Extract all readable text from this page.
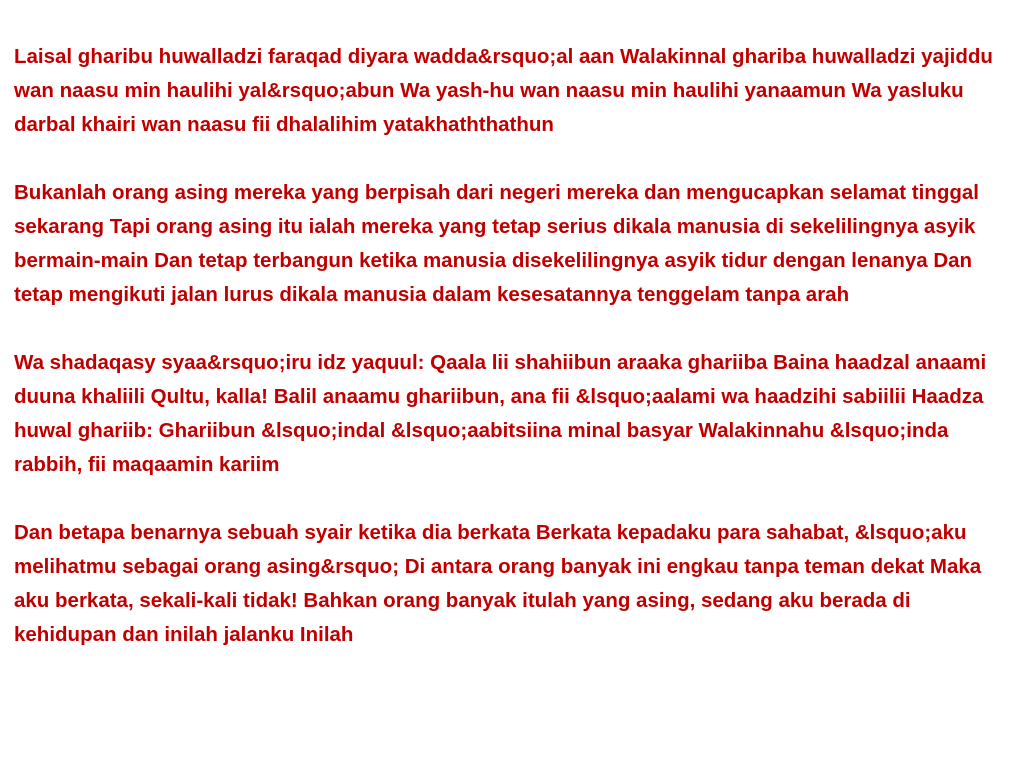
Laisal gharibu huwalladzi faraqad diyara wadda&rsquo;al aan Walakinnal ghariba huwalladzi yajiddu wan naasu min haulihi yal&rsquo;abun Wa yash-hu wan naasu min haulihi yanaamun Wa yasluku darbal khairi wan naasu fii dhalalihim yatakhaththathun

Bukanlah orang asing mereka yang berpisah dari negeri mereka dan mengucapkan selamat tinggal sekarang Tapi orang asing itu ialah mereka yang tetap serius dikala manusia di sekelilingnya asyik bermain-main Dan tetap terbangun ketika manusia disekelilingnya asyik tidur dengan lenanya Dan tetap mengikuti jalan lurus dikala manusia dalam kesesatannya tenggelam tanpa arah

Wa shadaqasy syaa&rsquo;iru idz yaquul: Qaala lii shahiibun araaka ghariiba Baina haadzal anaami duuna khaliili Qultu, kalla! Balil anaamu ghariibun, ana fii &lsquo;aalami wa haadzihi sabiilii Haadza huwal ghariib: Ghariibun &lsquo;indal &lsquo;aabitsiina minal basyar Walakinnahu &lsquo;inda rabbih, fii maqaamin kariim

Dan betapa benarnya sebuah syair ketika dia berkata Berkata kepadaku para sahabat, &lsquo;aku melihatmu sebagai orang asing&rsquo; Di antara orang banyak ini engkau tanpa teman dekat Maka aku berkata, sekali-kali tidak! Bahkan orang banyak itulah yang asing, sedang aku berada di kehidupan dan inilah jalanku Inilah
